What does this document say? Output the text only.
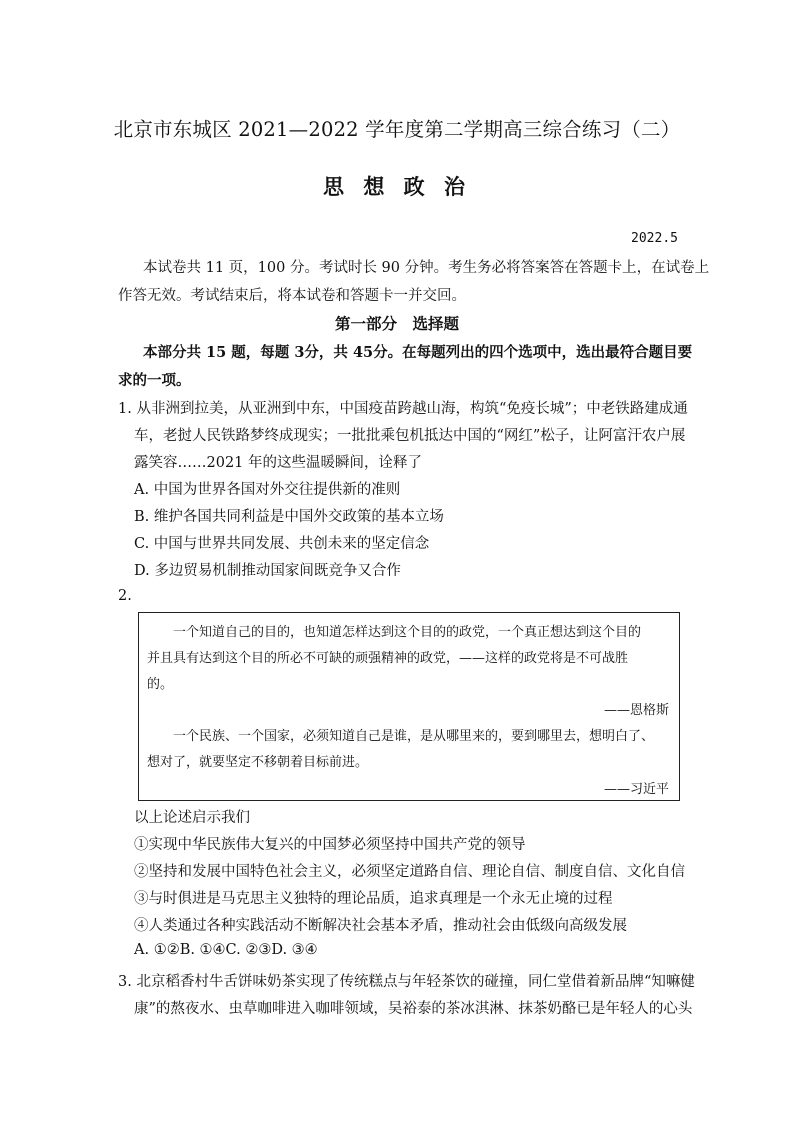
北京市东城区 2021—2022 学年度第二学期高三综合练习（二）
思 想 政 治
2022.5
本试卷共 11 页，100 分。考试时长 90 分钟。考生务必将答案答在答题卡上，在试卷上
作答无效。考试结束后，将本试卷和答题卡一并交回。
第一部分　选择题
本部分共 15 题，每题 3分，共 45分。在每题列出的四个选项中，选出最符合题目要
求的一项。
1. 从非洲到拉美，从亚洲到中东，中国疫苗跨越山海，构筑“免疫长城”；中老铁路建成通
车，老挝人民铁路梦终成现实；一批批乘包机抵达中国的“网红”松子，让阿富汗农户展
露笑容……2021 年的这些温暖瞬间，诠释了
A. 中国为世界各国对外交往提供新的准则
B. 维护各国共同利益是中国外交政策的基本立场
C. 中国与世界共同发展、共创未来的坚定信念
D. 多边贸易机制推动国家间既竞争又合作
2.
一个知道自己的目的，也知道怎样达到这个目的的政党，一个真正想达到这个目的
并且具有达到这个目的所必不可缺的顽强精神的政党，——这样的政党将是不可战胜
的。
——恩格斯
一个民族、一个国家，必须知道自己是谁，是从哪里来的，要到哪里去，想明白了、
想对了，就要坚定不移朝着目标前进。
——习近平
以上论述启示我们
①实现中华民族伟大复兴的中国梦必须坚持中国共产党的领导
②坚持和发展中国特色社会主义，必须坚定道路自信、理论自信、制度自信、文化自信
③与时俱进是马克思主义独特的理论品质，追求真理是一个永无止境的过程
④人类通过各种实践活动不断解决社会基本矛盾，推动社会由低级向高级发展
A. ①②B. ①④C. ②③D. ③④
3. 北京稻香村牛舌饼味奶茶实现了传统糕点与年轻茶饮的碰撞，同仁堂借着新品牌“知嘛健
康”的熬夜水、虫草咖啡进入咖啡领域，吴裕泰的茶冰淇淋、抹茶奶酪已是年轻人的心头
